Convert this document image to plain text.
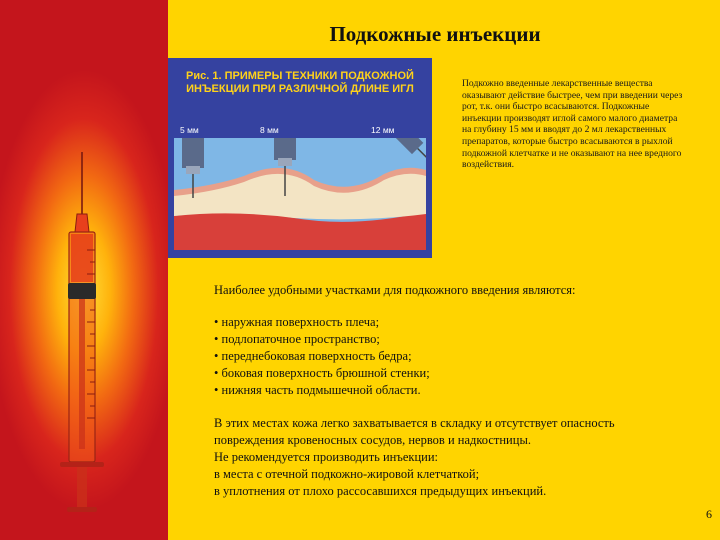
Подкожные инъекции
Рис. 1. ПРИМЕРЫ ТЕХНИКИ ПОДКОЖНОЙ
ИНЪЕКЦИИ ПРИ РАЗЛИЧНОЙ ДЛИНЕ ИГЛ
5 мм	8 мм	12 мм
Подкожно введенные лекарственные вещества оказывают действие быстрее, чем при введении через рот, т.к. они быстро всасываются. Подкожные инъекции производят иглой самого малого диаметра на глубину 15 мм и вводят до 2 мл лекарственных препаратов, которые быстро всасываются в рыхлой подкожной клетчатке и не оказывают на нее вредного воздействия.
Наиболее удобными участками для подкожного введения являются:
• наружная поверхность плеча;
• подлопаточное пространство;
• переднебоковая поверхность бедра;
• боковая поверхность брюшной стенки;
• нижняя часть подмышечной области.
В этих местах кожа легко захватывается в складку и отсутствует опасность
повреждения кровеносных сосудов, нервов и надкостницы.
Не рекомендуется производить инъекции:
в места с отечной подкожно-жировой клетчаткой;
в уплотнения от плохо рассосавшихся предыдущих инъекций.
6
